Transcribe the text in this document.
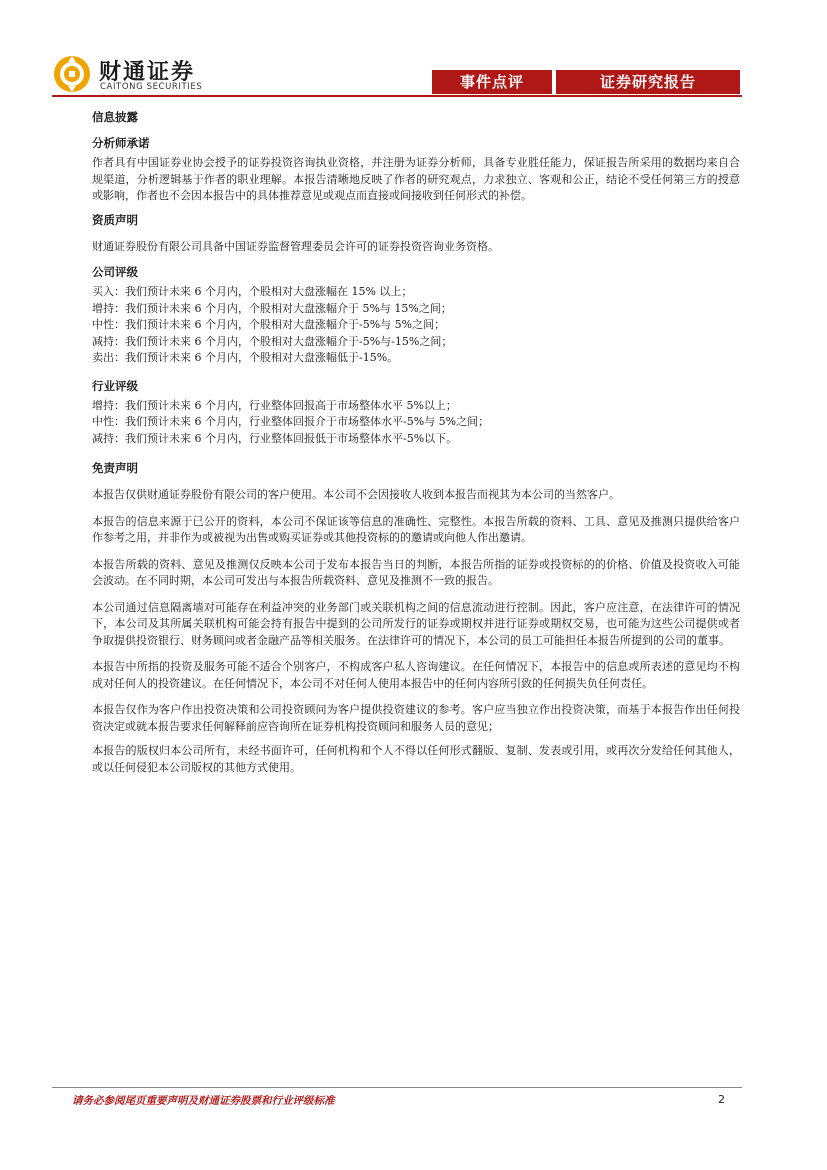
财通证券
CAITONG SECURITIES	事件点评	证券研究报告
信息披露
分析师承诺

作者具有中国证券业协会授予的证券投资咨询执业资格，并注册为证券分析师，具备专业胜任能力，保证报告所采用的数据均来自合规渠道，分析逻辑基于作者的职业理解。本报告清晰地反映了作者的研究观点，力求独立、客观和公正，结论不受任何第三方的授意或影响，作者也不会因本报告中的具体推荐意见或观点而直接或间接收到任何形式的补偿。

资质声明

财通证券股份有限公司具备中国证券监督管理委员会许可的证券投资咨询业务资格。

公司评级

买入：我们预计未来 6 个月内，个股相对大盘涨幅在 15% 以上；

增持：我们预计未来 6 个月内，个股相对大盘涨幅介于 5%与 15%之间；

中性：我们预计未来 6 个月内，个股相对大盘涨幅介于-5%与 5%之间；

减持：我们预计未来 6 个月内，个股相对大盘涨幅介于-5%与-15%之间；

卖出：我们预计未来 6 个月内，个股相对大盘涨幅低于-15%。

行业评级

增持：我们预计未来 6 个月内，行业整体回报高于市场整体水平 5%以上；

中性：我们预计未来 6 个月内，行业整体回报介于市场整体水平-5%与 5%之间；

减持：我们预计未来 6 个月内，行业整体回报低于市场整体水平-5%以下。

免责声明

本报告仅供财通证券股份有限公司的客户使用。本公司不会因接收人收到本报告而视其为本公司的当然客户。

本报告的信息来源于已公开的资料，本公司不保证该等信息的准确性、完整性。本报告所载的资料、工具、意见及推测只提供给客户作参考之用，并非作为或被视为出售或购买证券或其他投资标的的邀请或向他人作出邀请。

本报告所载的资料、意见及推测仅反映本公司于发布本报告当日的判断，本报告所指的证券或投资标的的价格、价值及投资收入可能会波动。在不同时期，本公司可发出与本报告所载资料、意见及推测不一致的报告。

本公司通过信息隔离墙对可能存在利益冲突的业务部门或关联机构之间的信息流动进行控制。因此，客户应注意，在法律许可的情况下，本公司及其所属关联机构可能会持有报告中提到的公司所发行的证券或期权并进行证券或期权交易，也可能为这些公司提供或者争取提供投资银行、财务顾问或者金融产品等相关服务。在法律许可的情况下，本公司的员工可能担任本报告所提到的公司的董事。

本报告中所指的投资及服务可能不适合个别客户，不构成客户私人咨询建议。在任何情况下，本报告中的信息或所表述的意见均不构成对任何人的投资建议。在任何情况下，本公司不对任何人使用本报告中的任何内容所引致的任何损失负任何责任。

本报告仅作为客户作出投资决策和公司投资顾问为客户提供投资建议的参考。客户应当独立作出投资决策，而基于本报告作出任何投资决定或就本报告要求任何解释前应咨询所在证券机构投资顾问和服务人员的意见；

本报告的版权归本公司所有，未经书面许可，任何机构和个人不得以任何形式翻版、复制、发表或引用，或再次分发给任何其他人，或以任何侵犯本公司版权的其他方式使用。

请务必参阅尾页重要声明及财通证券股票和行业评级标准	2
